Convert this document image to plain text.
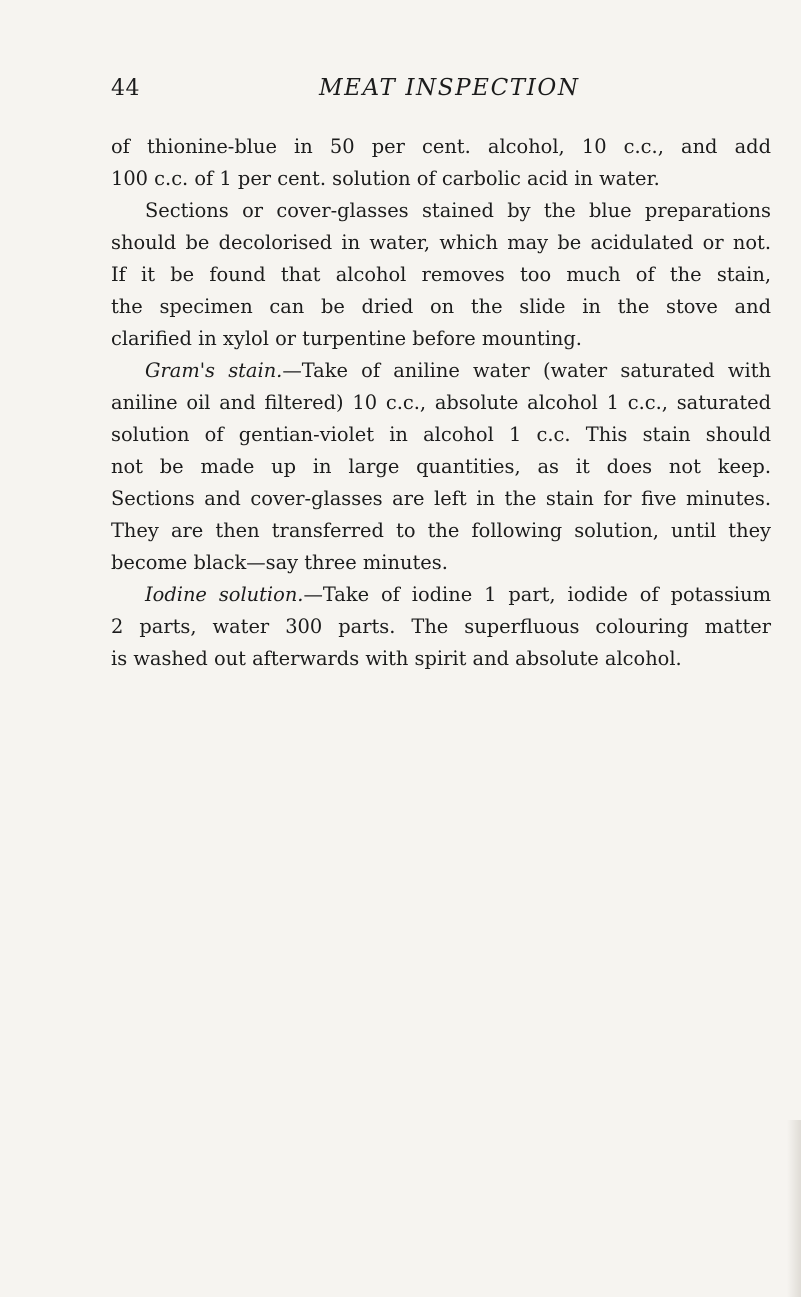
44	MEAT INSPECTION
of thionine-blue in 50 per cent. alcohol, 10 c.c., and add
100 c.c. of 1 per cent. solution of carbolic acid in water.
Sections or cover-glasses stained by the blue preparations
should be decolorised in water, which may be acidulated or not.
If it be found that alcohol removes too much of the stain,
the specimen can be dried on the slide in the stove and
clarified in xylol or turpentine before mounting.
Gram's stain.—Take of aniline water (water saturated with
aniline oil and filtered) 10 c.c., absolute alcohol 1 c.c., saturated
solution of gentian-violet in alcohol 1 c.c. This stain should
not be made up in large quantities, as it does not keep.
Sections and cover-glasses are left in the stain for five minutes.
They are then transferred to the following solution, until they
become black—say three minutes.
Iodine solution.—Take of iodine 1 part, iodide of potassium
2 parts, water 300 parts. The superfluous colouring matter
is washed out afterwards with spirit and absolute alcohol.
